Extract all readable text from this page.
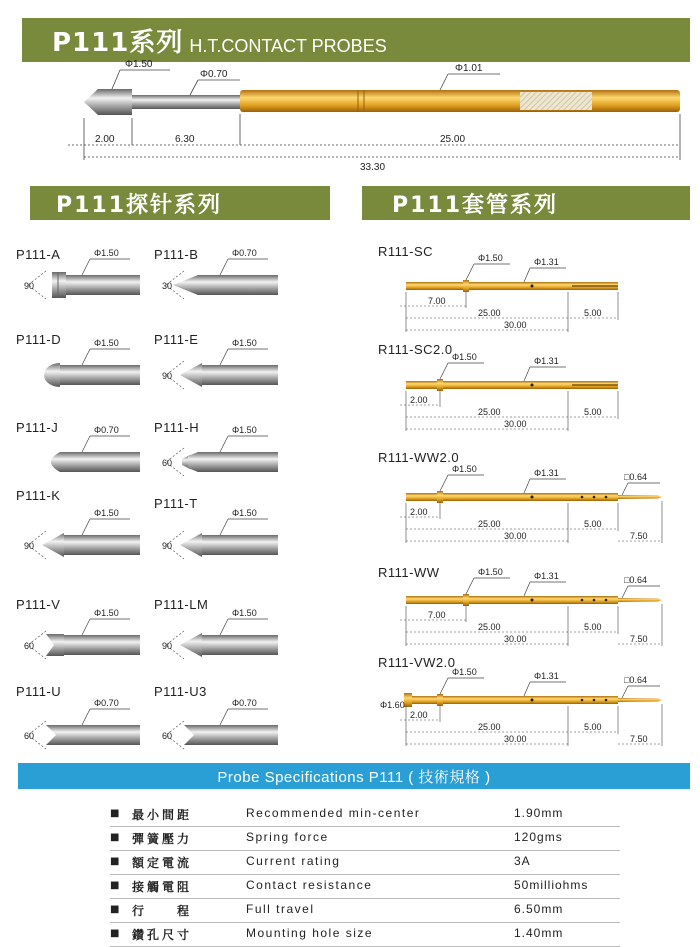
P111系列 H.T.CONTACT PROBES
Φ1.50
Φ0.70
Φ1.01
2.00	6.30	25.00
33.30
Φ1.50
90
Φ0.70
30
Φ1.50	Φ1.50
90
Φ0.70	Φ1.50
60
Φ1.50
90
Φ1.50
90
Φ1.50
60
Φ1.50
90
Φ0.70
60
Φ0.70
60
Φ1.50	Φ1.31
7.00
25.00	5.00
30.00
Φ1.50	Φ1.31
2.00
25.00	5.00
30.00
Φ1.50	Φ1.31	□0.64
2.00
25.00	5.00
30.00	7.50
Φ1.50	Φ1.31	□0.64
7.00
25.00	5.00
30.00	7.50
Φ1.50	Φ1.31	□0.64
Φ1.60
2.00
25.00	5.00
30.00	7.50
P111探针系列	P111套管系列
P111-A	P111-B
P111-D	P111-E
P111-J	P111-H
P111-K
P111-T
P111-V	P111-LM
P111-U	P111-U3
R111-SC
R111-SC2.0
R111-WW2.0
R111-WW
R111-VW2.0
Probe Specifications P111 ( 技術規格 )
■ 最小間距	Recommended min-center	1.90mm
■ 彈簧壓力	Spring force	120gms
■ 額定電流	Current rating	3A
■ 接觸電阻	Contact resistance	50milliohms
■ 行　　程	Full travel	6.50mm
■ 鑽孔尺寸	Mounting hole size	1.40mm
